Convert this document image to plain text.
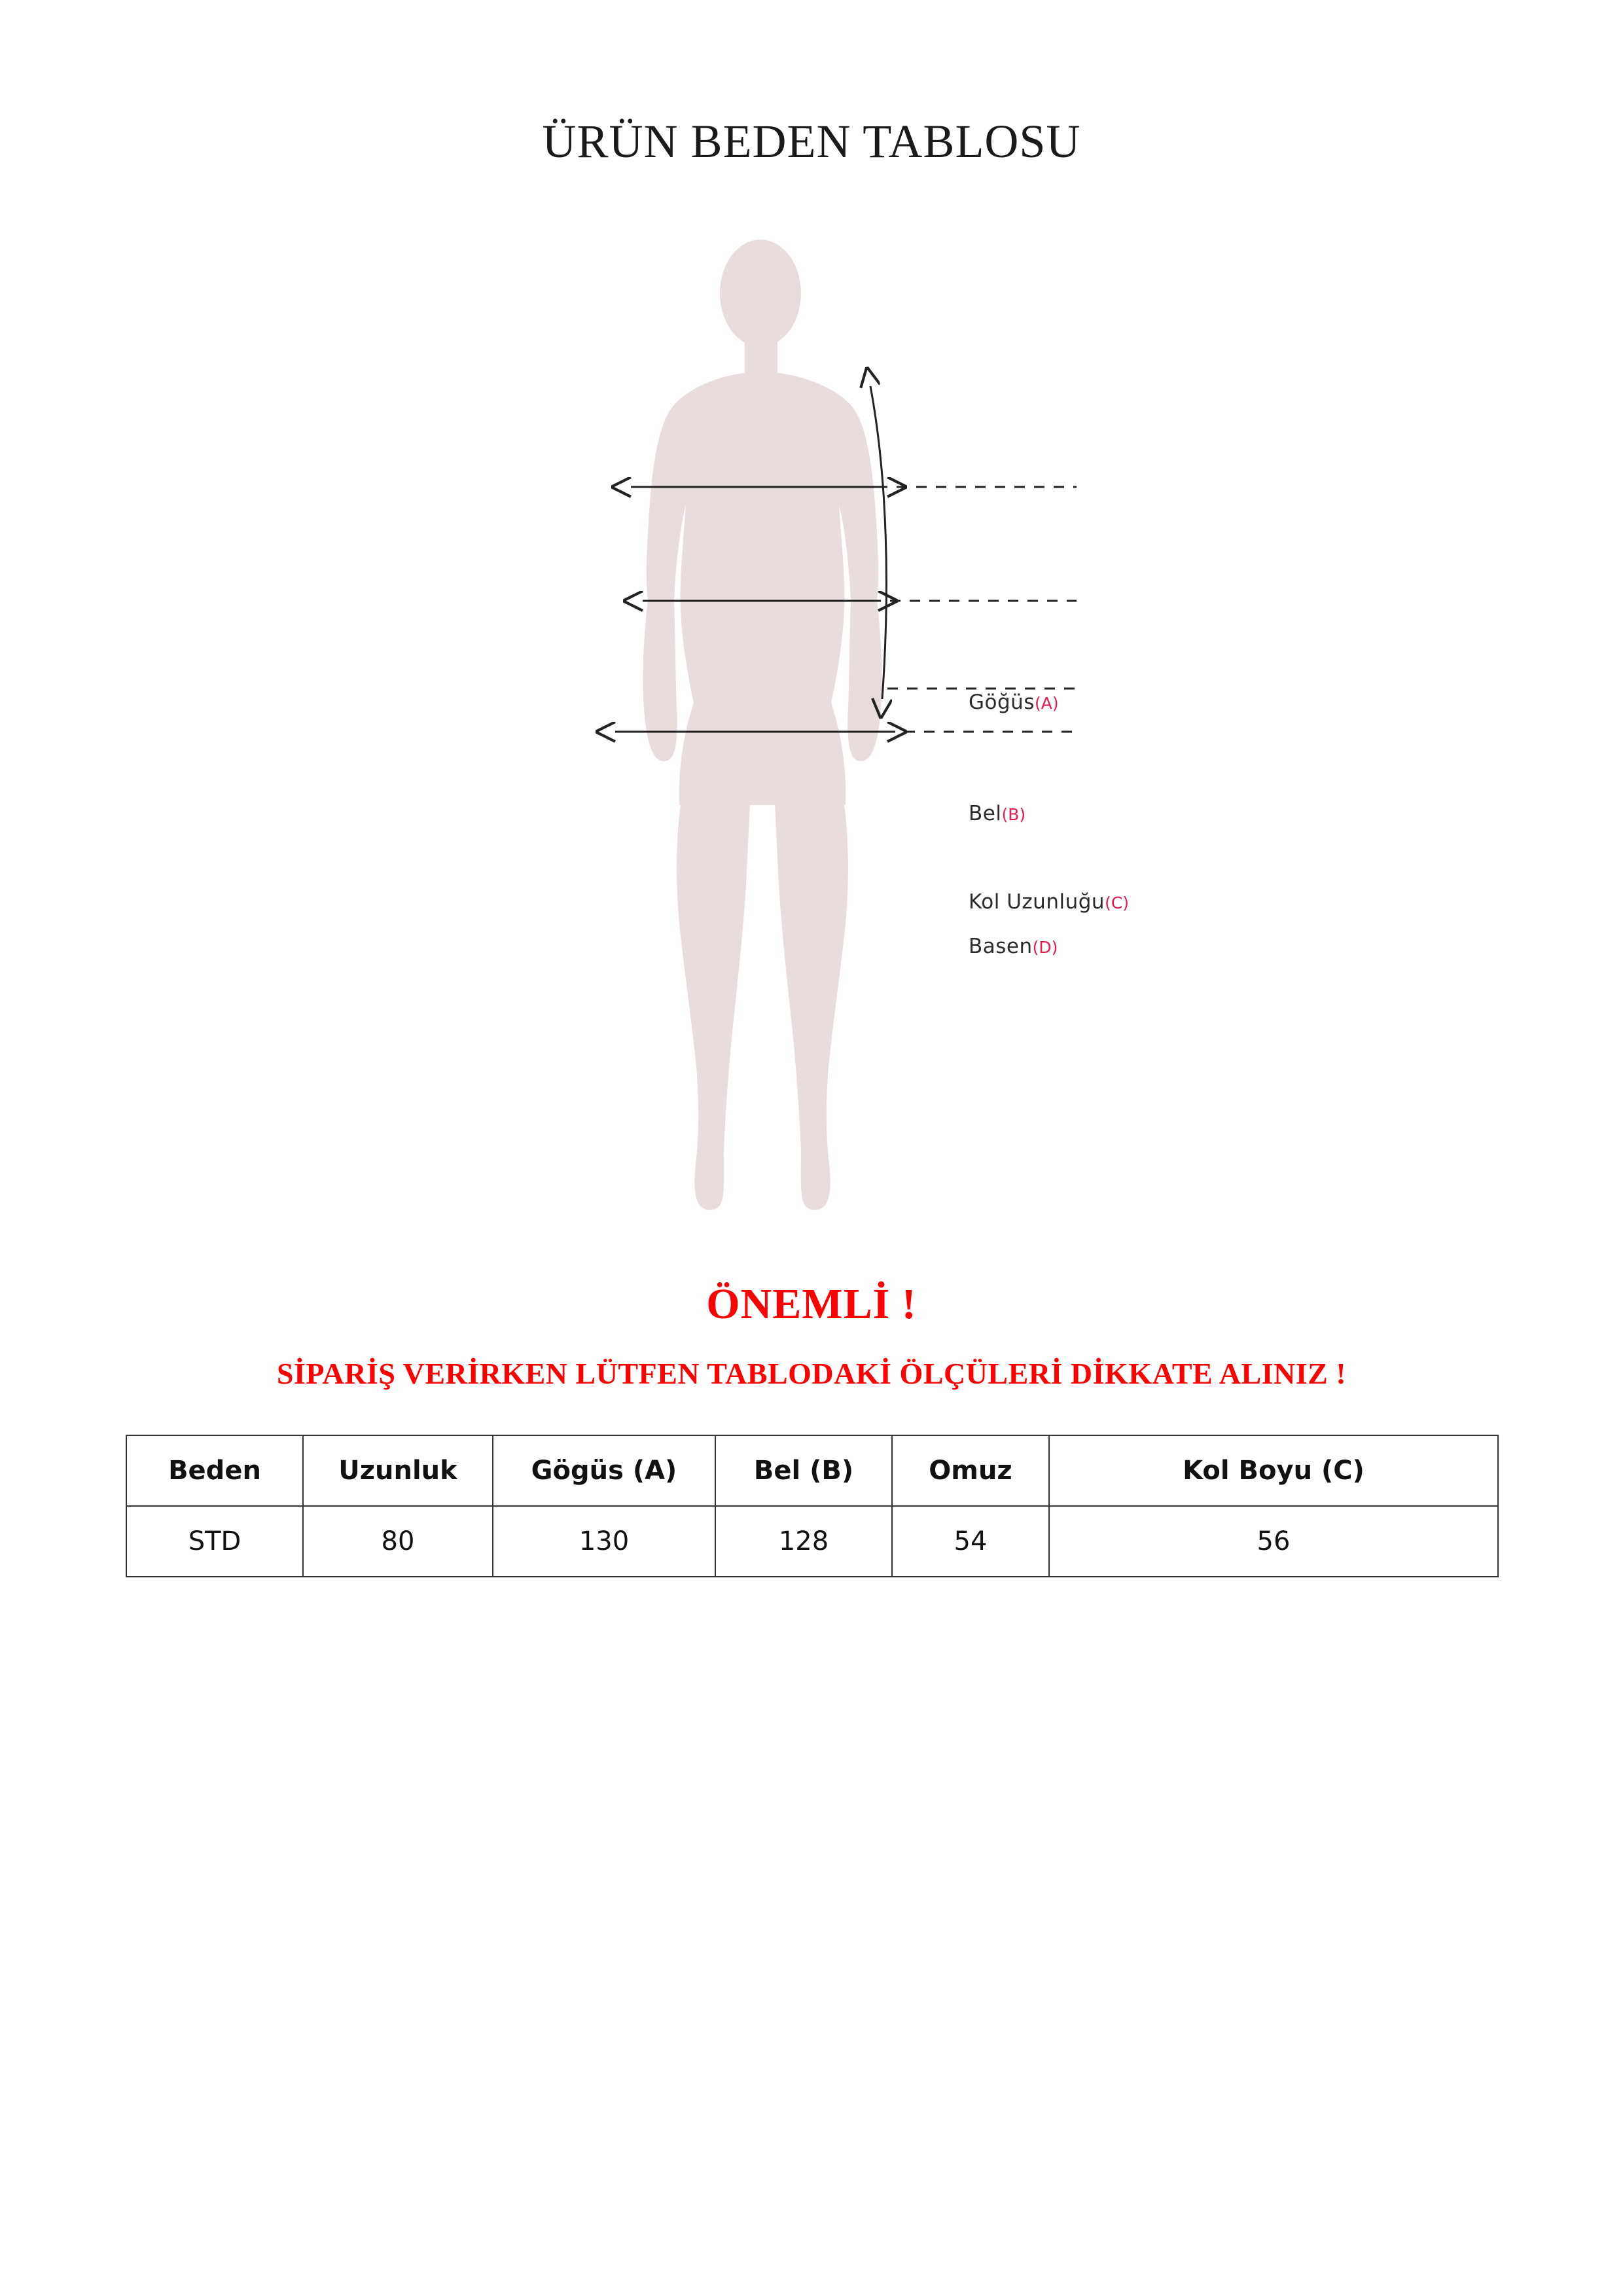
ÜRÜN BEDEN TABLOSU
Göğüs(A)
Bel(B)
Kol Uzunluğu(C)
Basen(D)
ÖNEMLİ !
SİPARİŞ VERİRKEN LÜTFEN TABLODAKİ ÖLÇÜLERİ DİKKATE ALINIZ !
Beden	Uzunluk	Gögüs (A)	Bel (B)	Omuz	Kol Boyu (C)
STD	80	130	128	54	56
